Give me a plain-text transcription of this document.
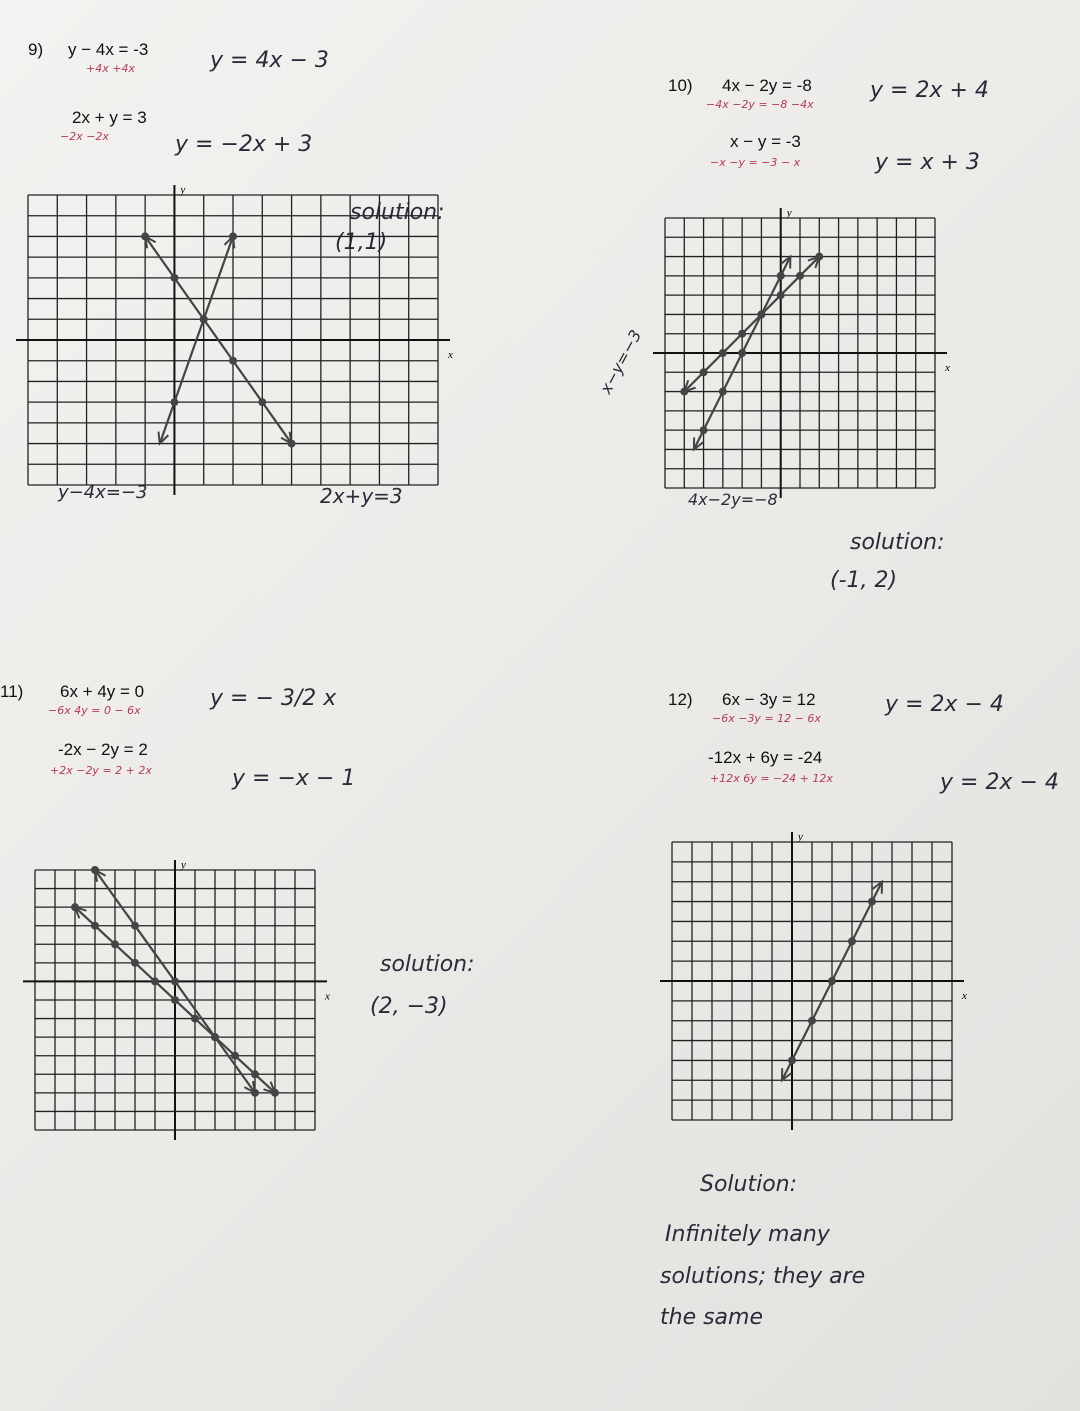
9) y − 4x = -3
+4x +4x	y = 4x − 3
2x + y = 3
−2x −2x	y = −2x + 3
solution:
(1,1)
y−4x=−3	2x+y=3
x
y
10) 4x − 2y = -8
−4x −2y = −8 −4x
y = 2x + 4
x − y = -3
−x −y = −3 − x	y = x + 3
x−y=−3
4x−2y=−8
solution:
(-1, 2)
x
y
11) 6x + 4y = 0
−6x 4y = 0 − 6x	y = − 3/2 x
-2x − 2y = 2
+2x −2y = 2 + 2x	y = −x − 1
solution:
(2, −3)
x
y
12) 6x − 3y = 12
−6x −3y = 12 − 6x
y = 2x − 4
-12x + 6y = -24
+12x 6y = −24 + 12x	y = 2x − 4
Solution:
Infinitely many
solutions; they are
the same
x
y
